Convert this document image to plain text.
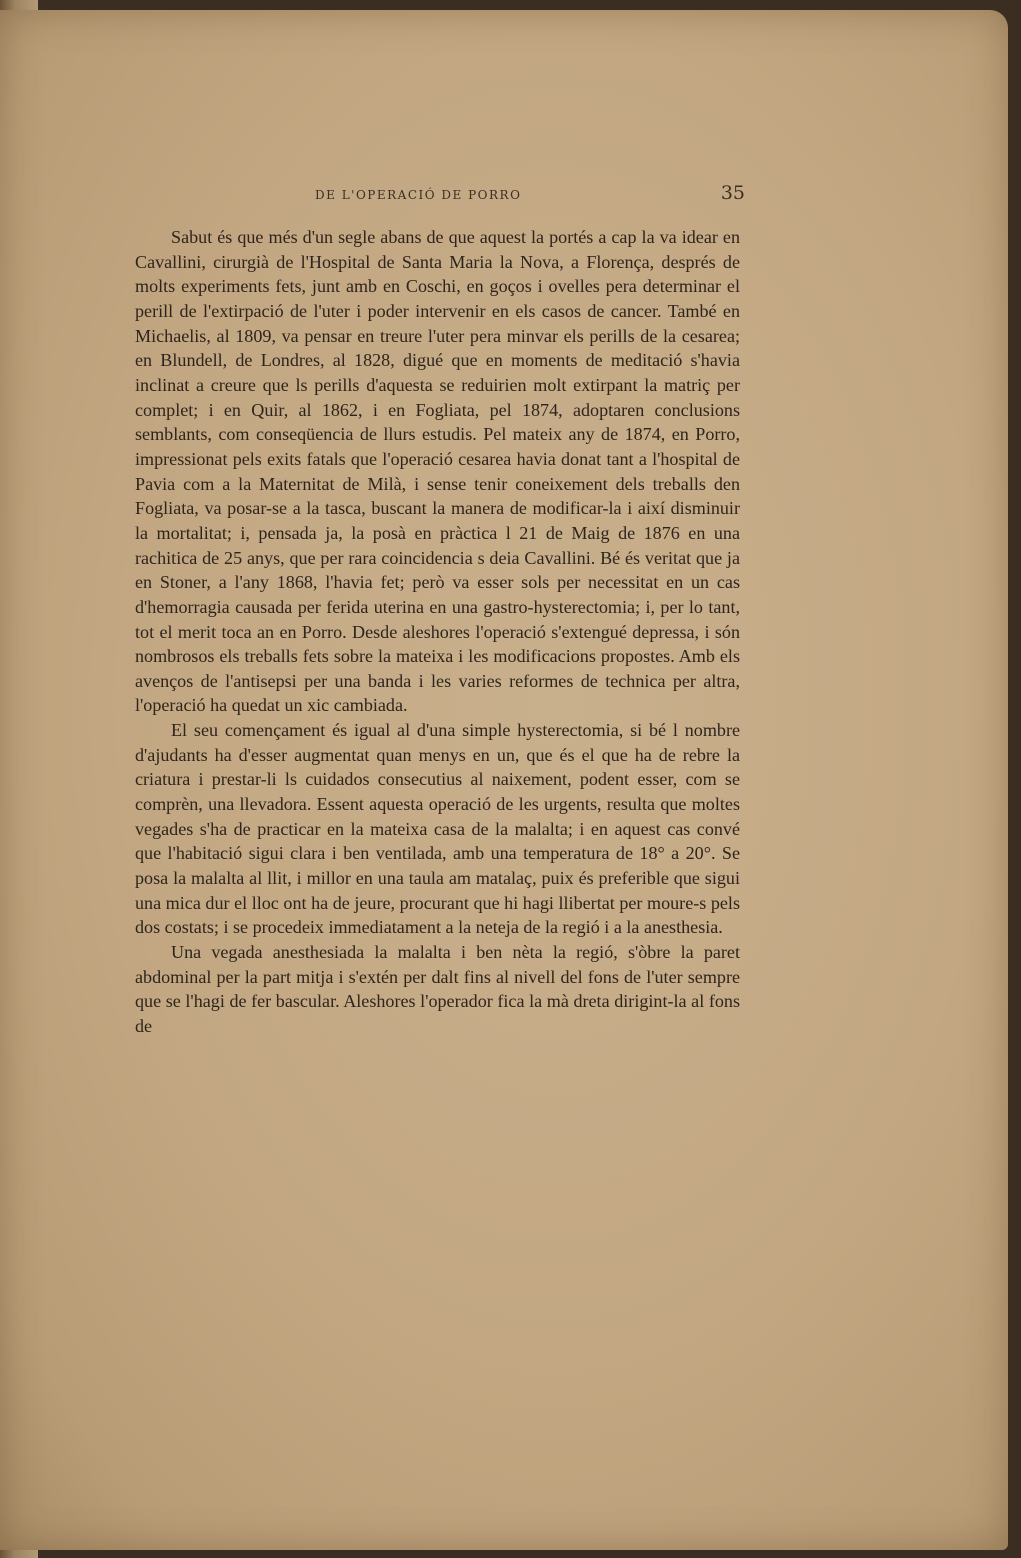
DE L'OPERACIÓ DE PORRO	35

Sabut és que més d'un segle abans de que aquest la portés a cap la va idear en Cavallini, cirurgià de l'Hospital de Santa Maria la Nova, a Florença, després de molts experiments fets, junt amb en Coschi, en goços i ovelles pera determinar el perill de l'extirpació de l'uter i poder intervenir en els casos de cancer. També en Michaelis, al 1809, va pensar en treure l'uter pera minvar els perills de la cesarea; en Blundell, de Londres, al 1828, digué que en moments de meditació s'havia inclinat a creure que ls perills d'aquesta se reduirien molt extirpant la matriç per complet; i en Quir, al 1862, i en Fogliata, pel 1874, adoptaren conclusions semblants, com conseqüencia de llurs estudis. Pel mateix any de 1874, en Porro, impressionat pels exits fatals que l'operació cesarea havia donat tant a l'hospital de Pavia com a la Maternitat de Milà, i sense tenir coneixement dels treballs den Fogliata, va posar-se a la tasca, buscant la manera de modificar-la i així disminuir la mortalitat; i, pensada ja, la posà en pràctica l 21 de Maig de 1876 en una rachitica de 25 anys, que per rara coincidencia s deia Cavallini. Bé és veritat que ja en Stoner, a l'any 1868, l'havia fet; però va esser sols per necessitat en un cas d'hemorragia causada per ferida uterina en una gastro-hysterectomia; i, per lo tant, tot el merit toca an en Porro. Desde aleshores l'operació s'extengué depressa, i són nombrosos els treballs fets sobre la mateixa i les modificacions propostes. Amb els avenços de l'antisepsi per una banda i les varies reformes de technica per altra, l'operació ha quedat un xic cambiada.

El seu començament és igual al d'una simple hysterectomia, si bé l nombre d'ajudants ha d'esser augmentat quan menys en un, que és el que ha de rebre la criatura i prestar-li ls cuidados consecutius al naixement, podent esser, com se comprèn, una llevadora. Essent aquesta operació de les urgents, resulta que moltes vegades s'ha de practicar en la mateixa casa de la malalta; i en aquest cas convé que l'habitació sigui clara i ben ventilada, amb una temperatura de 18° a 20°. Se posa la malalta al llit, i millor en una taula am matalaç, puix és preferible que sigui una mica dur el lloc ont ha de jeure, procurant que hi hagi llibertat per moure-s pels dos costats; i se procedeix immediatament a la neteja de la regió i a la anesthesia.

Una vegada anesthesiada la malalta i ben nèta la regió, s'òbre la paret abdominal per la part mitja i s'extén per dalt fins al nivell del fons de l'uter sempre que se l'hagi de fer bascular. Aleshores l'operador fica la mà dreta dirigint-la al fons de
